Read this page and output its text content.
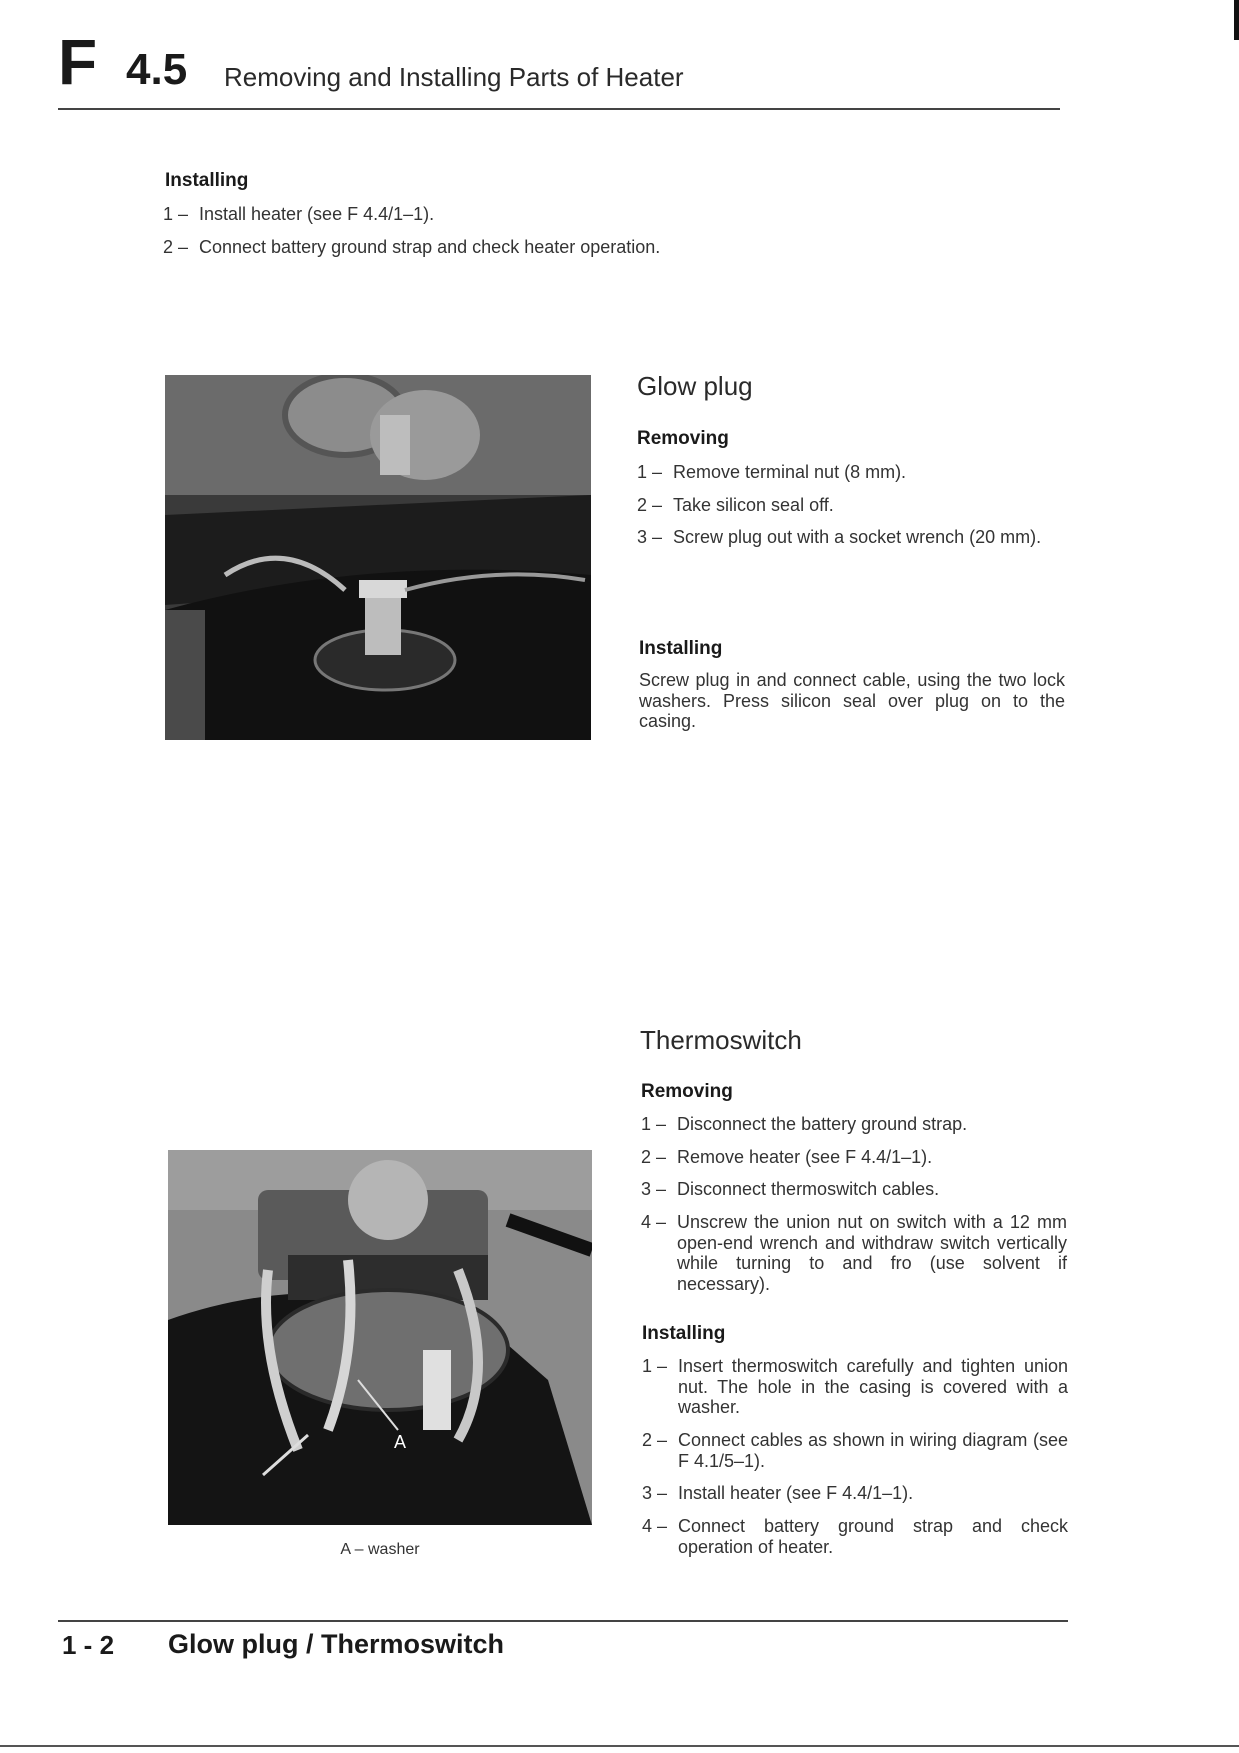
F 4.5 Removing and Installing Parts of Heater
Installing
1 – Install heater (see F 4.4/1–1).
2 – Connect battery ground strap and check heater operation.
Glow plug
Removing
1 – Remove terminal nut (8 mm).
2 – Take silicon seal off.
3 – Screw plug out with a socket wrench (20 mm).
Installing
Screw plug in and connect cable, using the two lock washers. Press silicon seal over plug on to the casing.
Thermoswitch
Removing
1 – Disconnect the battery ground strap.
2 – Remove heater (see F 4.4/1–1).
3 – Disconnect thermoswitch cables.
4 – Unscrew the union nut on switch with a 12 mm open-end wrench and withdraw switch vertically while turning to and fro (use solvent if necessary).
Installing
1 – Insert thermoswitch carefully and tighten union nut. The hole in the casing is covered with a washer.
2 – Connect cables as shown in wiring diagram (see F 4.1/5–1).
3 – Install heater (see F 4.4/1–1).
4 – Connect battery ground strap and check operation of heater.
A
A – washer
1 - 2 Glow plug / Thermoswitch
